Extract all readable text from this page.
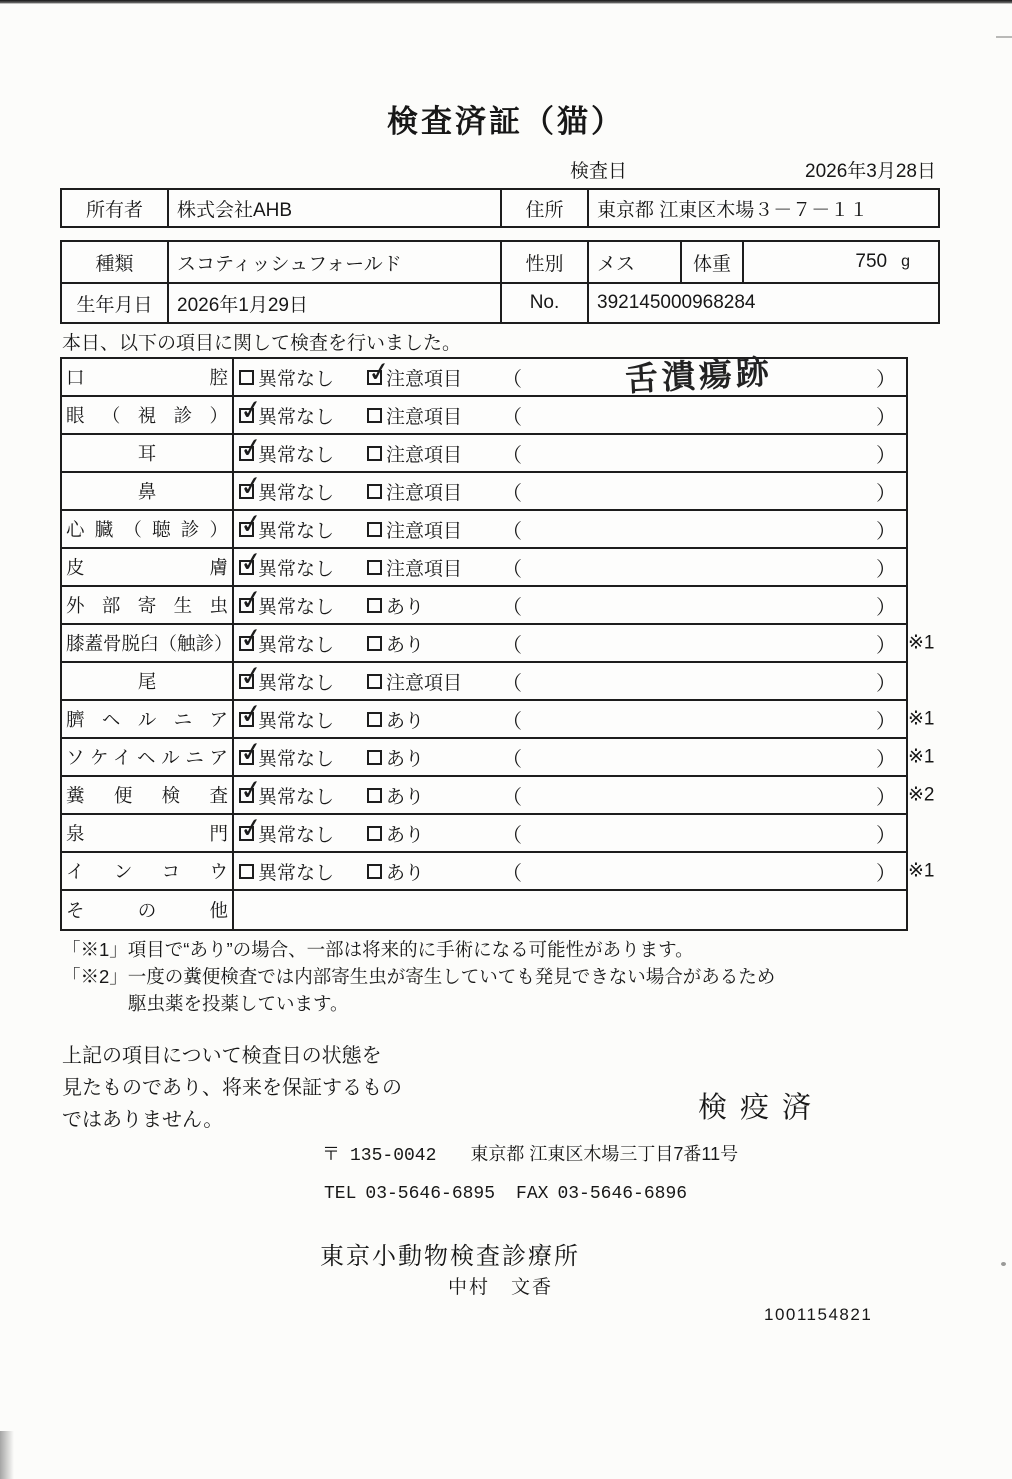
検査済証（猫）
検査日	2026年3月28日
所有者	株式会社AHB	住所	東京都 江東区木場３－７－１１
種類	スコティッシュフォールド	性別	メス	体重	750 g
生年月日	2026年1月29日	No.	392145000968284

本日、以下の項目に関して検査を行いました。

口腔 異常なし ✓	注意項目 （	舌潰瘍跡	）
眼（視診） ✓ 異常なし	注意項目 （	）
耳 ✓	異常なし	注意項目 （	）
鼻 ✓	異常なし	注意項目 （	）
心臓（聴診） ✓ 異常なし	注意項目 （	）
皮膚 ✓ 異常なし	注意項目 （	）
外部寄生虫 ✓ 異常なし	あり	（	）
膝蓋骨脱臼（触診） ✓ 異常なし	あり	（	） ※1
尾 ✓	異常なし	注意項目 （	）
臍ヘルニア ✓ 異常なし	あり	（	） ※1
ソケイヘルニア ✓ 異常なし	あり	（	） ※1
糞便検査 ✓ 異常なし	あり	（	） ※2
泉門 ✓ 異常なし	あり	（	）
インコウ 異常なし	あり	（	） ※1
その他
「※1」項目で“あり”の場合、一部は将来的に手術になる可能性があります。
「※2」一度の糞便検査では内部寄生虫が寄生していても発見できない場合があるため
駆虫薬を投薬しています。
上記の項目について検査日の状態を
見たものであり、将来を保証するもの
ではありません。	検疫済
〒 135-0042 東京都 江東区木場三丁目7番11号
TEL 03-5646-6895 FAX 03-5646-6896
東京小動物検査診療所
中村　文香
1001154821
